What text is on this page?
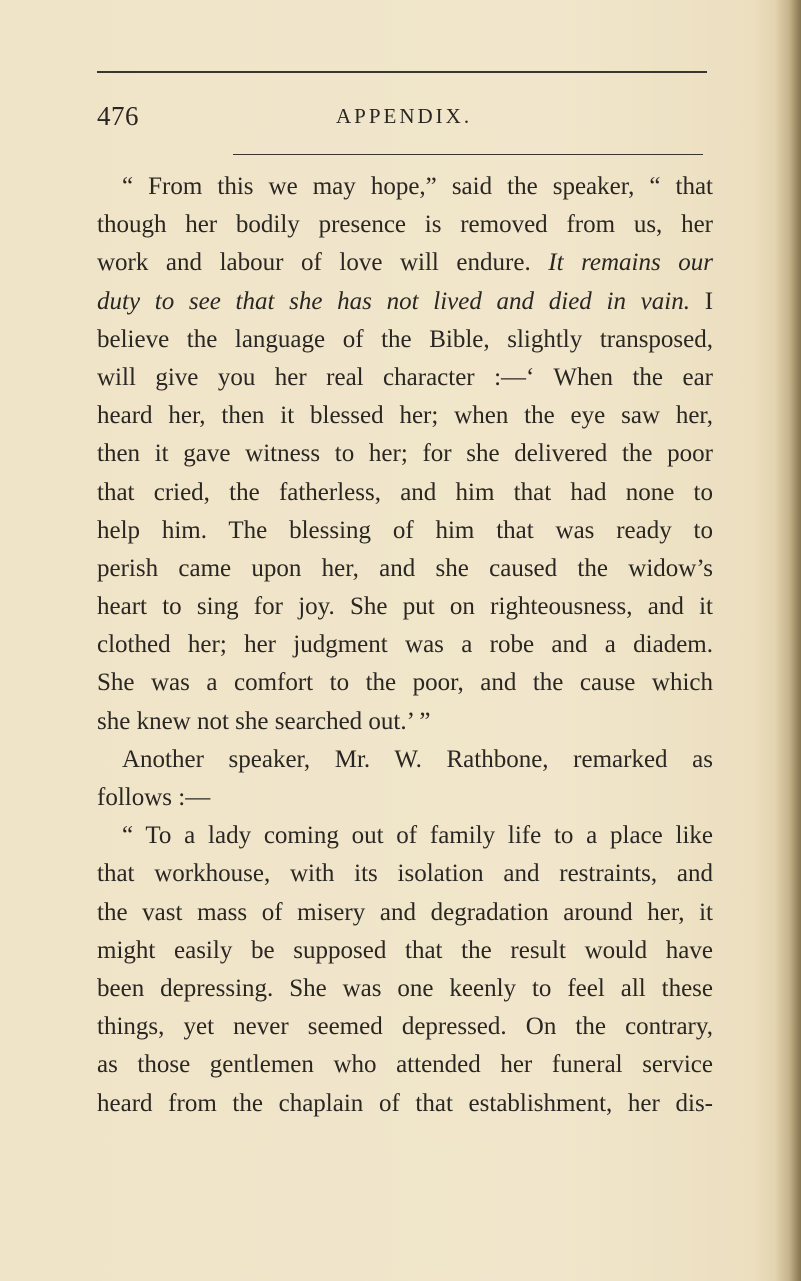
476	APPENDIX.
“ From this we may hope,” said the speaker, “ that
though her bodily presence is removed from us, her
work and labour of love will endure. It remains our
duty to see that she has not lived and died in vain. I
believe the language of the Bible, slightly transposed,
will give you her real character :—‘ When the ear
heard her, then it blessed her; when the eye saw her,
then it gave witness to her; for she delivered the poor
that cried, the fatherless, and him that had none to
help him. The blessing of him that was ready to
perish came upon her, and she caused the widow’s
heart to sing for joy. She put on righteousness, and it
clothed her; her judgment was a robe and a diadem.
She was a comfort to the poor, and the cause which
she knew not she searched out.’ ”
Another speaker, Mr. W. Rathbone, remarked as
follows :—
“ To a lady coming out of family life to a place like
that workhouse, with its isolation and restraints, and
the vast mass of misery and degradation around her, it
might easily be supposed that the result would have
been depressing. She was one keenly to feel all these
things, yet never seemed depressed. On the contrary,
as those gentlemen who attended her funeral service
heard from the chaplain of that establishment, her dis-
